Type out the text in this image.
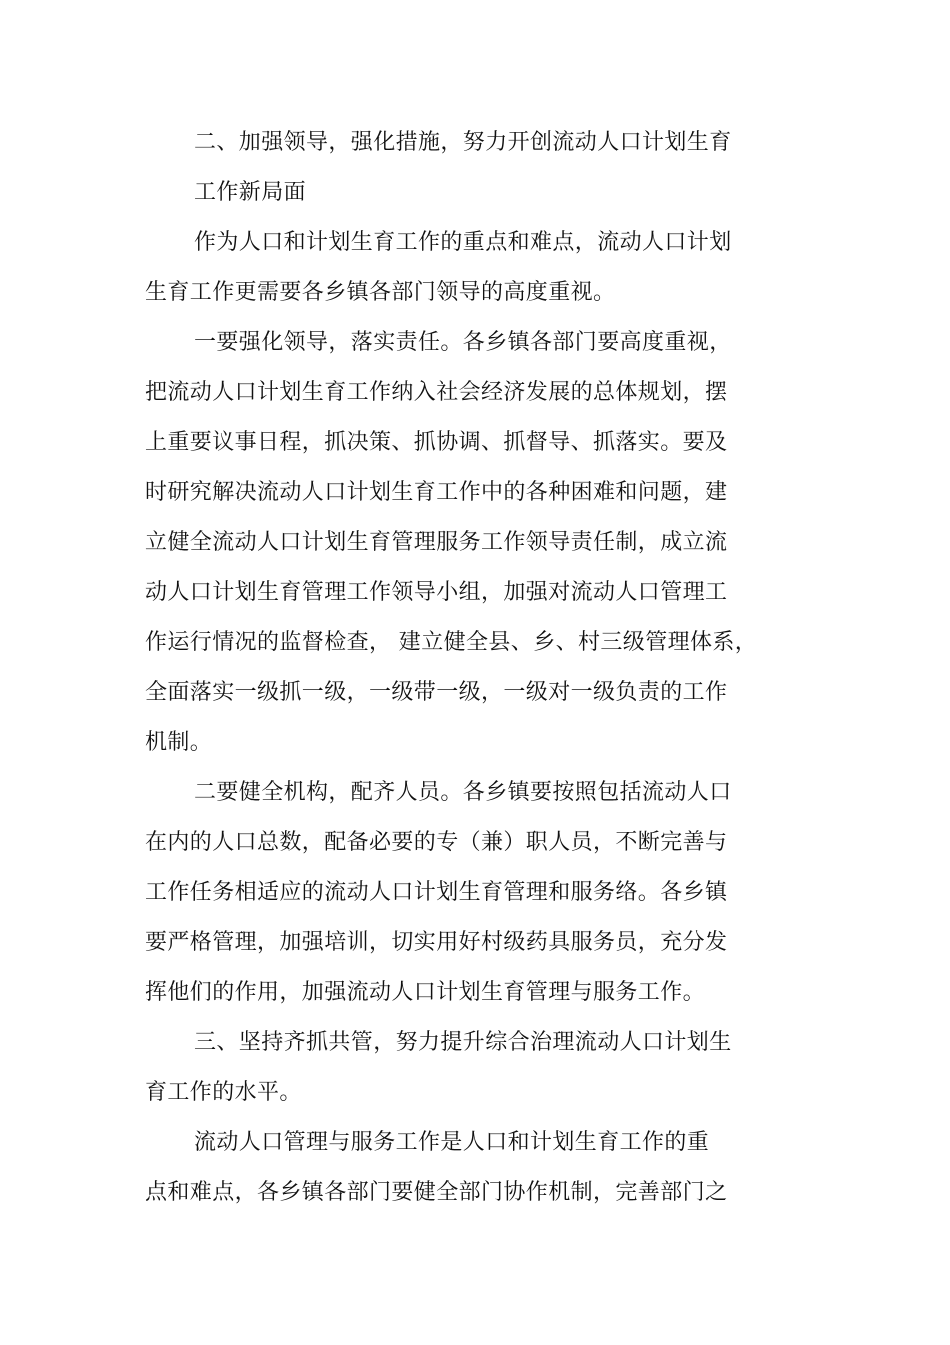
二、加强领导，强化措施，努力开创流动人口计划生育
工作新局面
作为人口和计划生育工作的重点和难点，流动人口计划
生育工作更需要各乡镇各部门领导的高度重视。
一要强化领导，落实责任。各乡镇各部门要高度重视，
把流动人口计划生育工作纳入社会经济发展的总体规划，摆
上重要议事日程，抓决策、抓协调、抓督导、抓落实。要及
时研究解决流动人口计划生育工作中的各种困难和问题，建
立健全流动人口计划生育管理服务工作领导责任制，成立流
动人口计划生育管理工作领导小组，加强对流动人口管理工
作运行情况的监督检查， 建立健全县、乡、村三级管理体系，
全面落实一级抓一级，一级带一级，一级对一级负责的工作
机制。
二要健全机构，配齐人员。各乡镇要按照包括流动人口
在内的人口总数，配备必要的专（兼）职人员，不断完善与
工作任务相适应的流动人口计划生育管理和服务络。各乡镇
要严格管理，加强培训，切实用好村级药具服务员，充分发
挥他们的作用，加强流动人口计划生育管理与服务工作。
三、坚持齐抓共管，努力提升综合治理流动人口计划生
育工作的水平。
流动人口管理与服务工作是人口和计划生育工作的重
点和难点，各乡镇各部门要健全部门协作机制，完善部门之
